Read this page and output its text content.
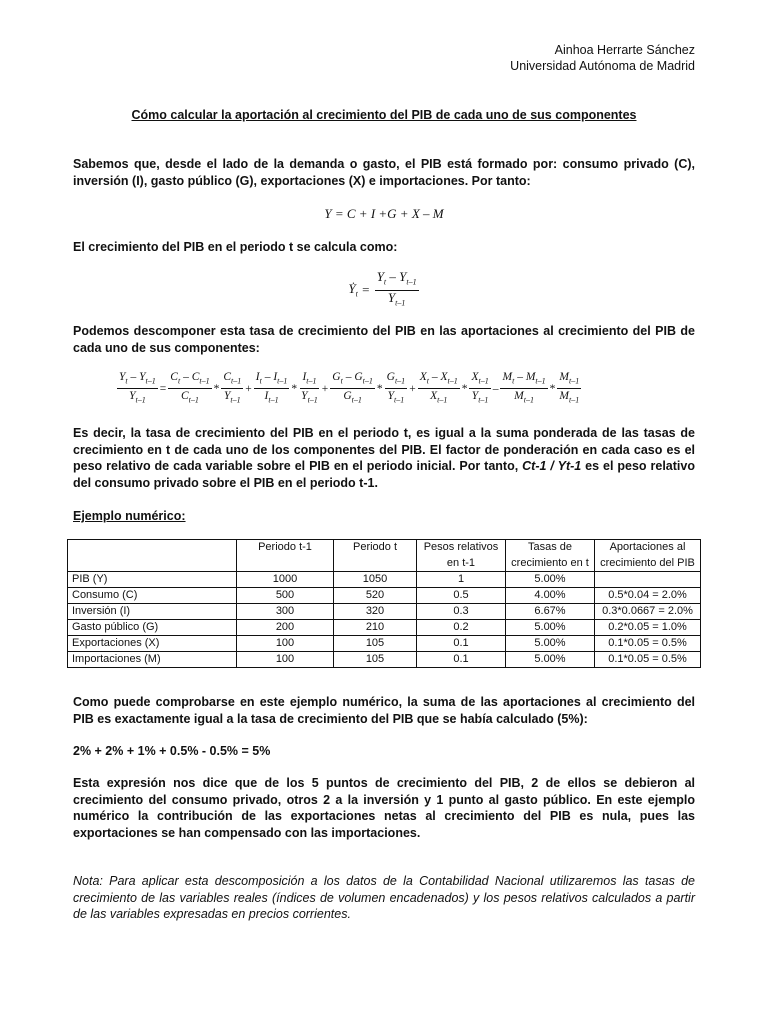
Ainhoa Herrarte Sánchez
Universidad Autónoma de Madrid
Cómo calcular la aportación al crecimiento del PIB de cada uno de sus componentes
Sabemos que, desde el lado de la demanda o gasto, el PIB está formado por: consumo privado (C), inversión (I), gasto público (G), exportaciones (X) e importaciones. Por tanto:
Y = C + I +G + X – M
El crecimiento del PIB en el periodo t se calcula como:
$Ẏ_t = \frac{Y_t - Y_{t-1}}{Y_{t-1}}$
Podemos descomponer esta tasa de crecimiento del PIB en las aportaciones al crecimiento del PIB de cada uno de sus componentes:
$\frac{Y_t - Y_{t-1}}{Y_{t-1}} = \frac{C_t - C_{t-1}}{C_{t-1}} * \frac{C_{t-1}}{Y_{t-1}} + \frac{I_t - I_{t-1}}{I_{t-1}} * \frac{I_{t-1}}{Y_{t-1}} + \frac{G_t - G_{t-1}}{G_{t-1}} * \frac{G_{t-1}}{Y_{t-1}} + \frac{X_t - X_{t-1}}{X_{t-1}} * \frac{X_{t-1}}{Y_{t-1}} - \frac{M_t - M_{t-1}}{M_{t-1}} * \frac{M_{t-1}}{M_{t-1}}$
Es decir, la tasa de crecimiento del PIB en el periodo t, es igual a la suma ponderada de las tasas de crecimiento en t de cada uno de los componentes del PIB. El factor de ponderación en cada caso es el peso relativo de cada variable sobre el PIB en el periodo inicial. Por tanto, Ct-1 / Yt-1 es el peso relativo del consumo privado sobre el PIB en el periodo t-1.
Ejemplo numérico:
	Periodo t-1	Periodo t	Pesos relativos en t-1	Tasas de crecimiento en t	Aportaciones al crecimiento del PIB
PIB (Y)	1000	1050	1	5.00%	
Consumo (C)	500	520	0.5	4.00%	0.5*0.04 = 2.0%
Inversión (I)	300	320	0.3	6.67%	0.3*0.0667 = 2.0%
Gasto público (G)	200	210	0.2	5.00%	0.2*0.05 = 1.0%
Exportaciones (X)	100	105	0.1	5.00%	0.1*0.05 = 0.5%
Importaciones (M)	100	105	0.1	5.00%	0.1*0.05 = 0.5%
Como puede comprobarse en este ejemplo numérico, la suma de las aportaciones al crecimiento del PIB es exactamente igual a la tasa de crecimiento del PIB que se había calculado (5%):
2% + 2% + 1% + 0.5% - 0.5% = 5%
Esta expresión nos dice que de los 5 puntos de crecimiento del PIB, 2 de ellos se debieron al crecimiento del consumo privado, otros 2 a la inversión y 1 punto al gasto público. En este ejemplo numérico la contribución de las exportaciones netas al crecimiento del PIB es nula, pues las exportaciones se han compensado con las importaciones.
Nota: Para aplicar esta descomposición a los datos de la Contabilidad Nacional utilizaremos las tasas de crecimiento de las variables reales (índices de volumen encadenados) y los pesos relativos calculados a partir de las variables expresadas en precios corrientes.
